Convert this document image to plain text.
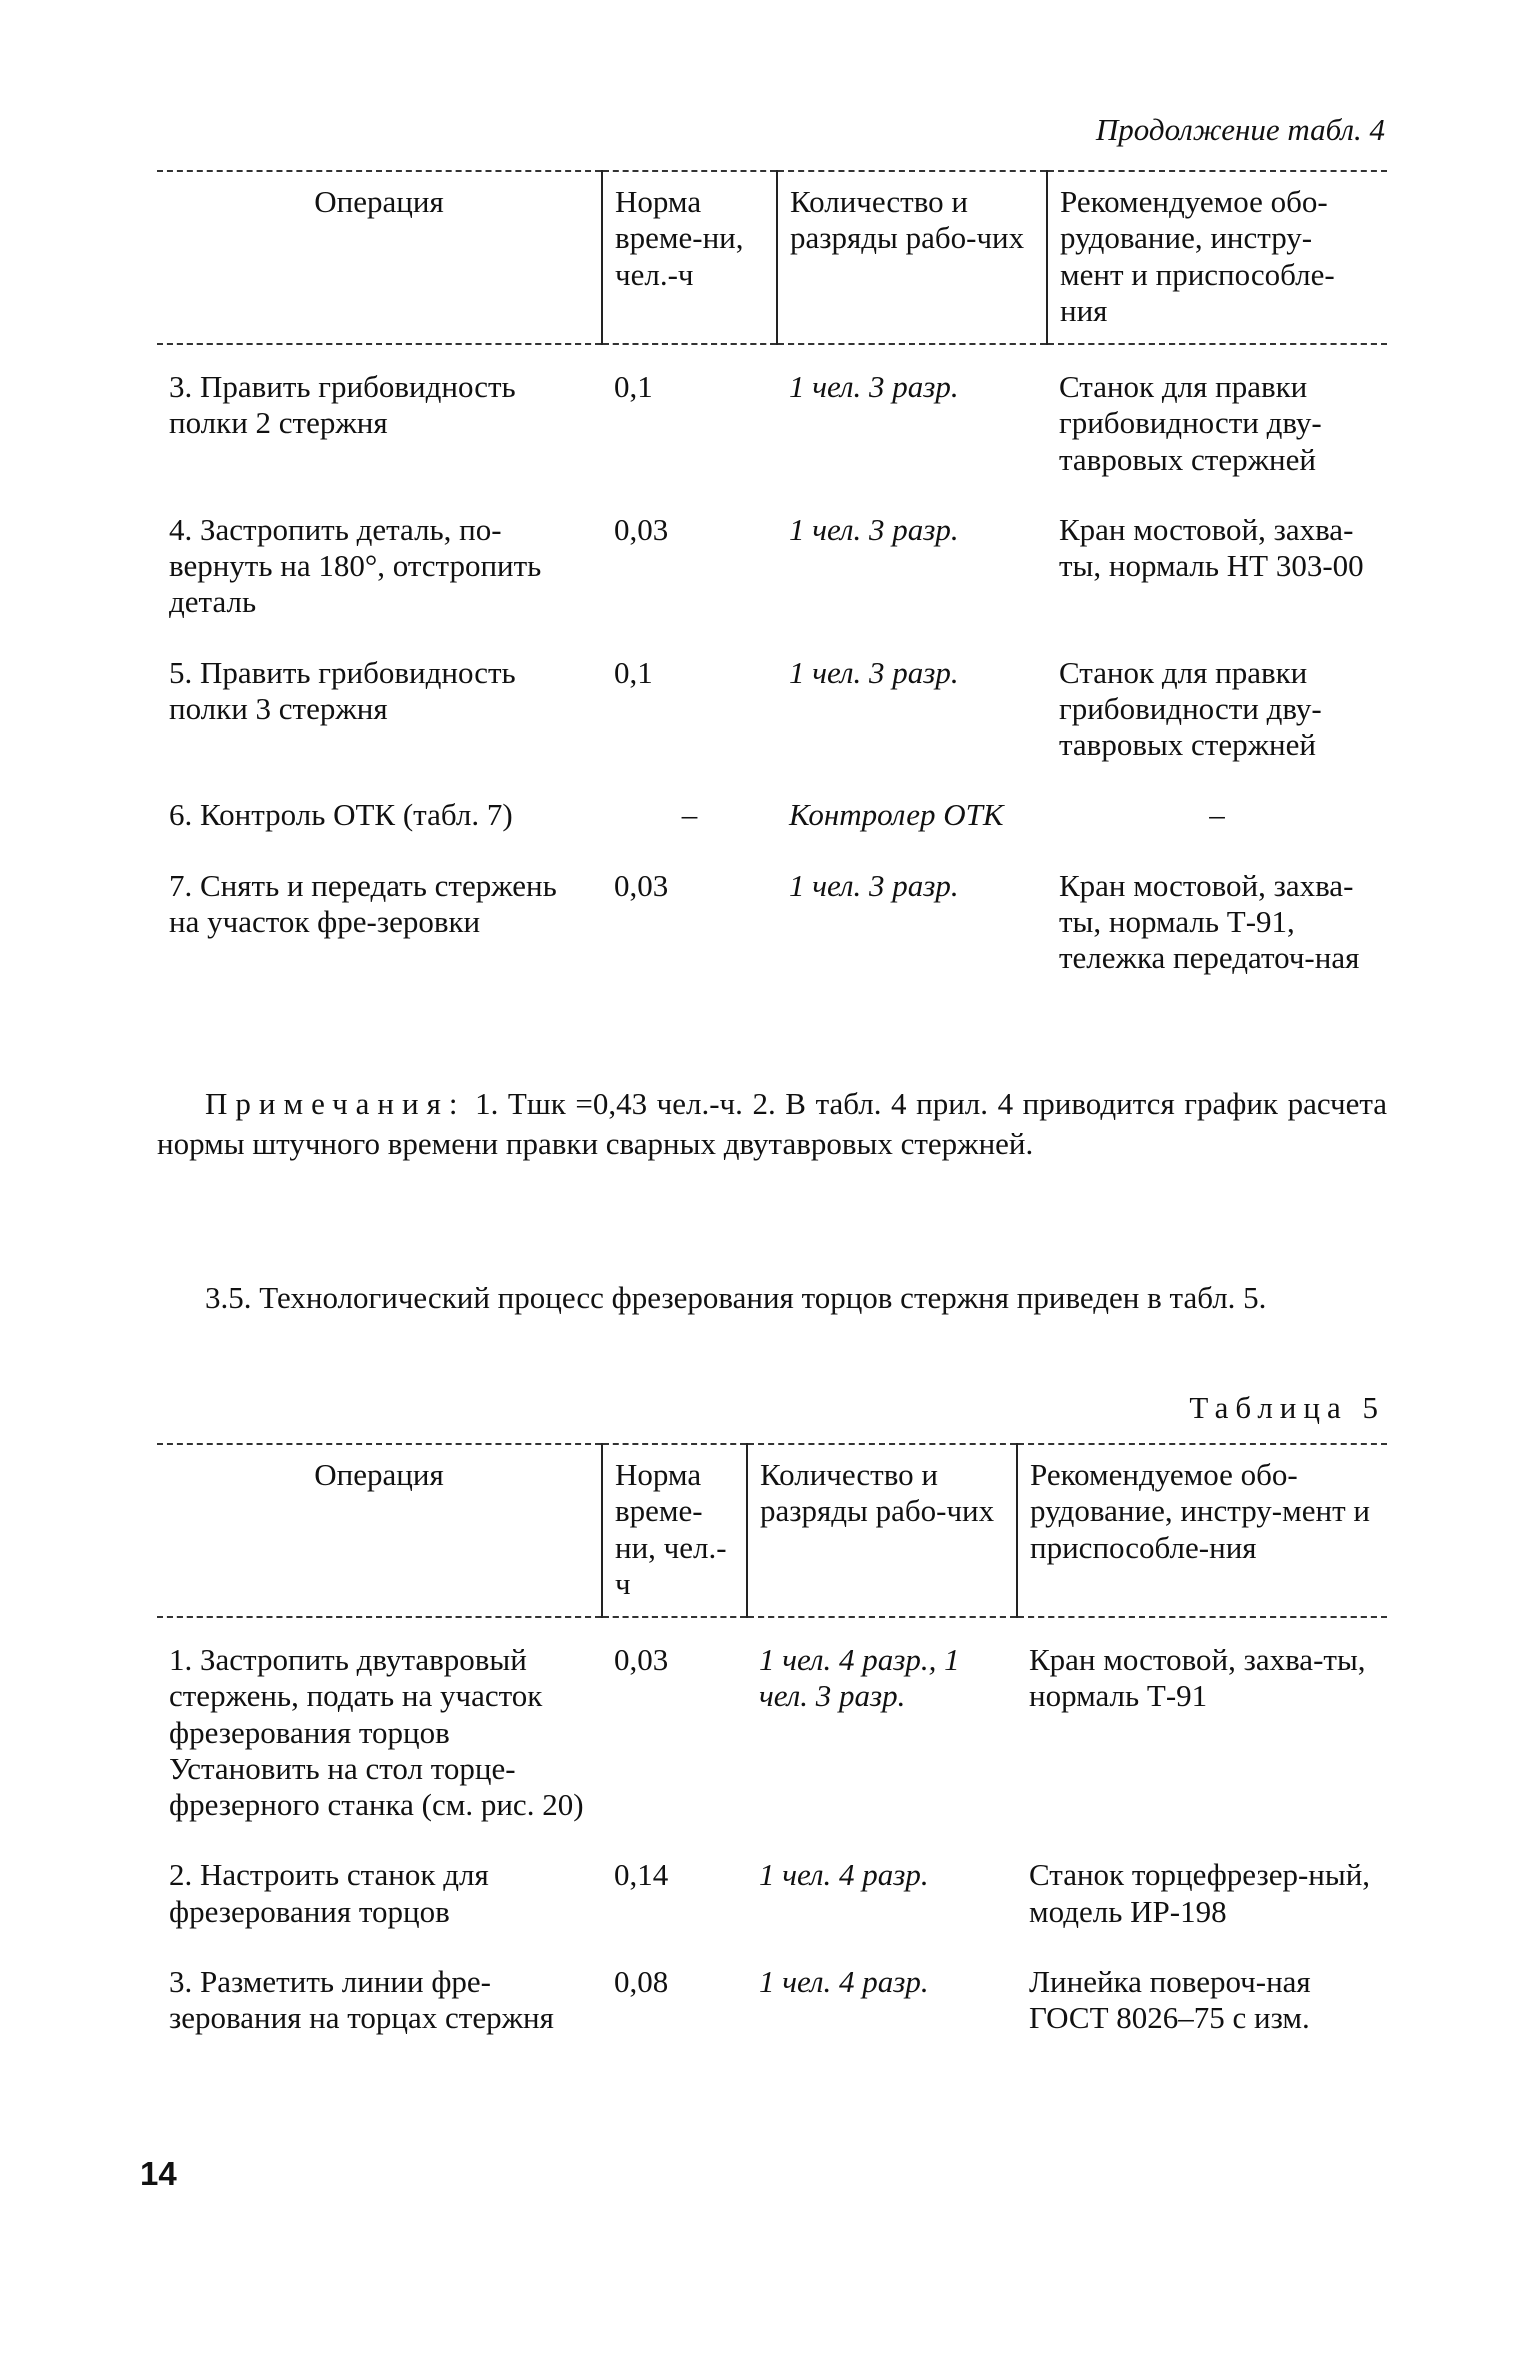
Продолжение табл. 4
Операция	Норма време-ни, чел.-ч	Количество и разряды рабо-чих	Рекомендуемое обо-рудование, инстру-мент и приспособле-ния
3. Править грибовидность полки 2 стержня	0,1	1 чел. 3 разр.	Станок для правки грибовидности дву-тавровых стержней
4. Застропить деталь, по-вернуть на 180°, отстропить деталь	0,03	1 чел. 3 разр.	Кран мостовой, захва-ты, нормаль НТ 303-00
5. Править грибовидность полки 3 стержня	0,1	1 чел. 3 разр.	Станок для правки грибовидности дву-тавровых стержней
6. Контроль ОТК (табл. 7)	–	Контролер ОТК	–
7. Снять и передать стержень на участок фре-зеровки	0,03	1 чел. 3 разр.	Кран мостовой, захва-ты, нормаль Т-91, тележка передаточ-ная
Примечания: 1. Tшк =0,43 чел.-ч. 2. В табл. 4 прил. 4 приводится график расчета нормы штучного времени правки сварных двутавровых стержней.
3.5. Технологический процесс фрезерования торцов стержня приведен в табл. 5.
Таблица 5
Операция	Норма време-ни, чел.-ч	Количество и разряды рабо-чих	Рекомендуемое обо-рудование, инстру-мент и приспособле-ния
1. Застропить двутавровый стержень, подать на участок фрезерования торцов Установить на стол торце-фрезерного станка (см. рис. 20)	0,03	1 чел. 4 разр., 1 чел. 3 разр.	Кран мостовой, захва-ты, нормаль Т-91
2. Настроить станок для фрезерования торцов	0,14	1 чел. 4 разр.	Станок торцефрезер-ный, модель ИР-198
3. Разметить линии фре-зерования на торцах стержня	0,08	1 чел. 4 разр.	Линейка повероч-ная ГОСТ 8026–75 с изм.
14
